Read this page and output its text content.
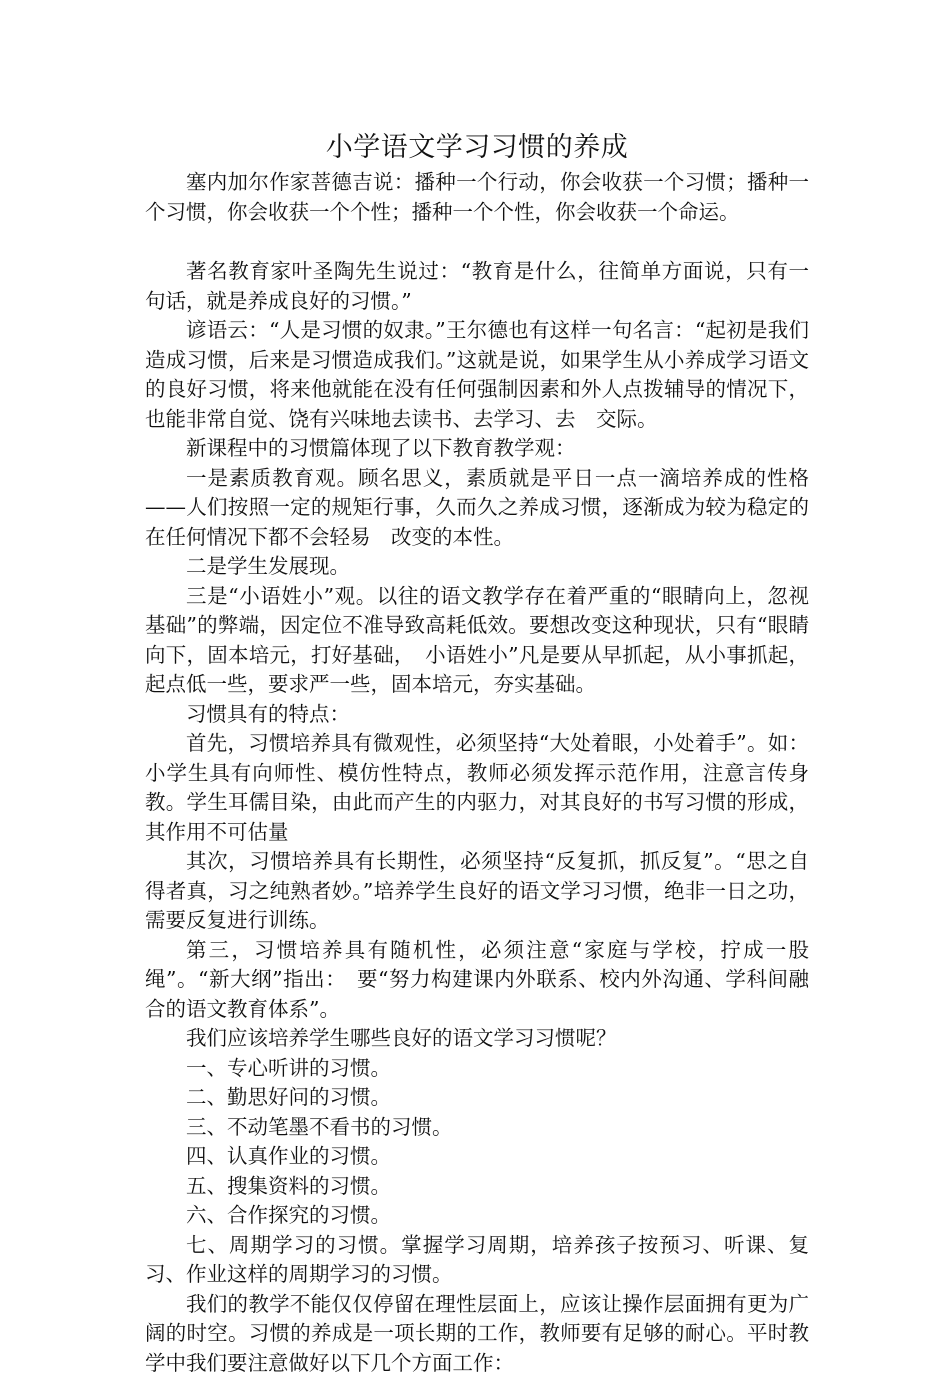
小学语文学习习惯的养成

塞内加尔作家菩德吉说：播种一个行动，你会收获一个习惯；播种一个习惯，你会收获一个个性；播种一个个性，你会收获一个命运。

著名教育家叶圣陶先生说过：“教育是什么，往简单方面说，只有一句话，就是养成良好的习惯。”

谚语云：“人是习惯的奴隶。”王尔德也有这样一句名言：“起初是我们造成习惯，后来是习惯造成我们。”这就是说，如果学生从小养成学习语文的良好习惯，将来他就能在没有任何强制因素和外人点拨辅导的情况下，也能非常自觉、饶有兴味地去读书、去学习、去　交际。

新课程中的习惯篇体现了以下教育教学观：

一是素质教育观。顾名思义，素质就是平日一点一滴培养成的性格——人们按照一定的规矩行事，久而久之养成习惯，逐渐成为较为稳定的在任何情况下都不会轻易　改变的本性。

二是学生发展现。

三是“小语姓小”观。以往的语文教学存在着严重的“眼睛向上，忽视基础”的弊端，因定位不准导致高耗低效。要想改变这种现状，只有“眼睛向下，固本培元，打好基础，　小语姓小”凡是要从早抓起，从小事抓起，起点低一些，要求严一些，固本培元，夯实基础。

习惯具有的特点：

首先，习惯培养具有微观性，必须坚持“大处着眼，小处着手”。如：小学生具有向师性、模仿性特点，教师必须发挥示范作用，注意言传身教。学生耳儒目染，由此而产生的内驱力，对其良好的书写习惯的形成，其作用不可估量

其次，习惯培养具有长期性，必须坚持“反复抓，抓反复”。“思之自得者真，习之纯熟者妙。”培养学生良好的语文学习习惯，绝非一日之功，需要反复进行训练。

第三，习惯培养具有随机性，必须注意“家庭与学校，拧成一股绳”。“新大纲”指出：　要“努力构建课内外联系、校内外沟通、学科间融合的语文教育体系”。

我们应该培养学生哪些良好的语文学习习惯呢？

一、专心听讲的习惯。

二、勤思好问的习惯。

三、不动笔墨不看书的习惯。

四、认真作业的习惯。

五、搜集资料的习惯。

六、合作探究的习惯。

七、周期学习的习惯。掌握学习周期，培养孩子按预习、听课、复习、作业这样的周期学习的习惯。

我们的教学不能仅仅停留在理性层面上，应该让操作层面拥有更为广阔的时空。习惯的养成是一项长期的工作，教师要有足够的耐心。平时教学中我们要注意做好以下几个方面工作：
